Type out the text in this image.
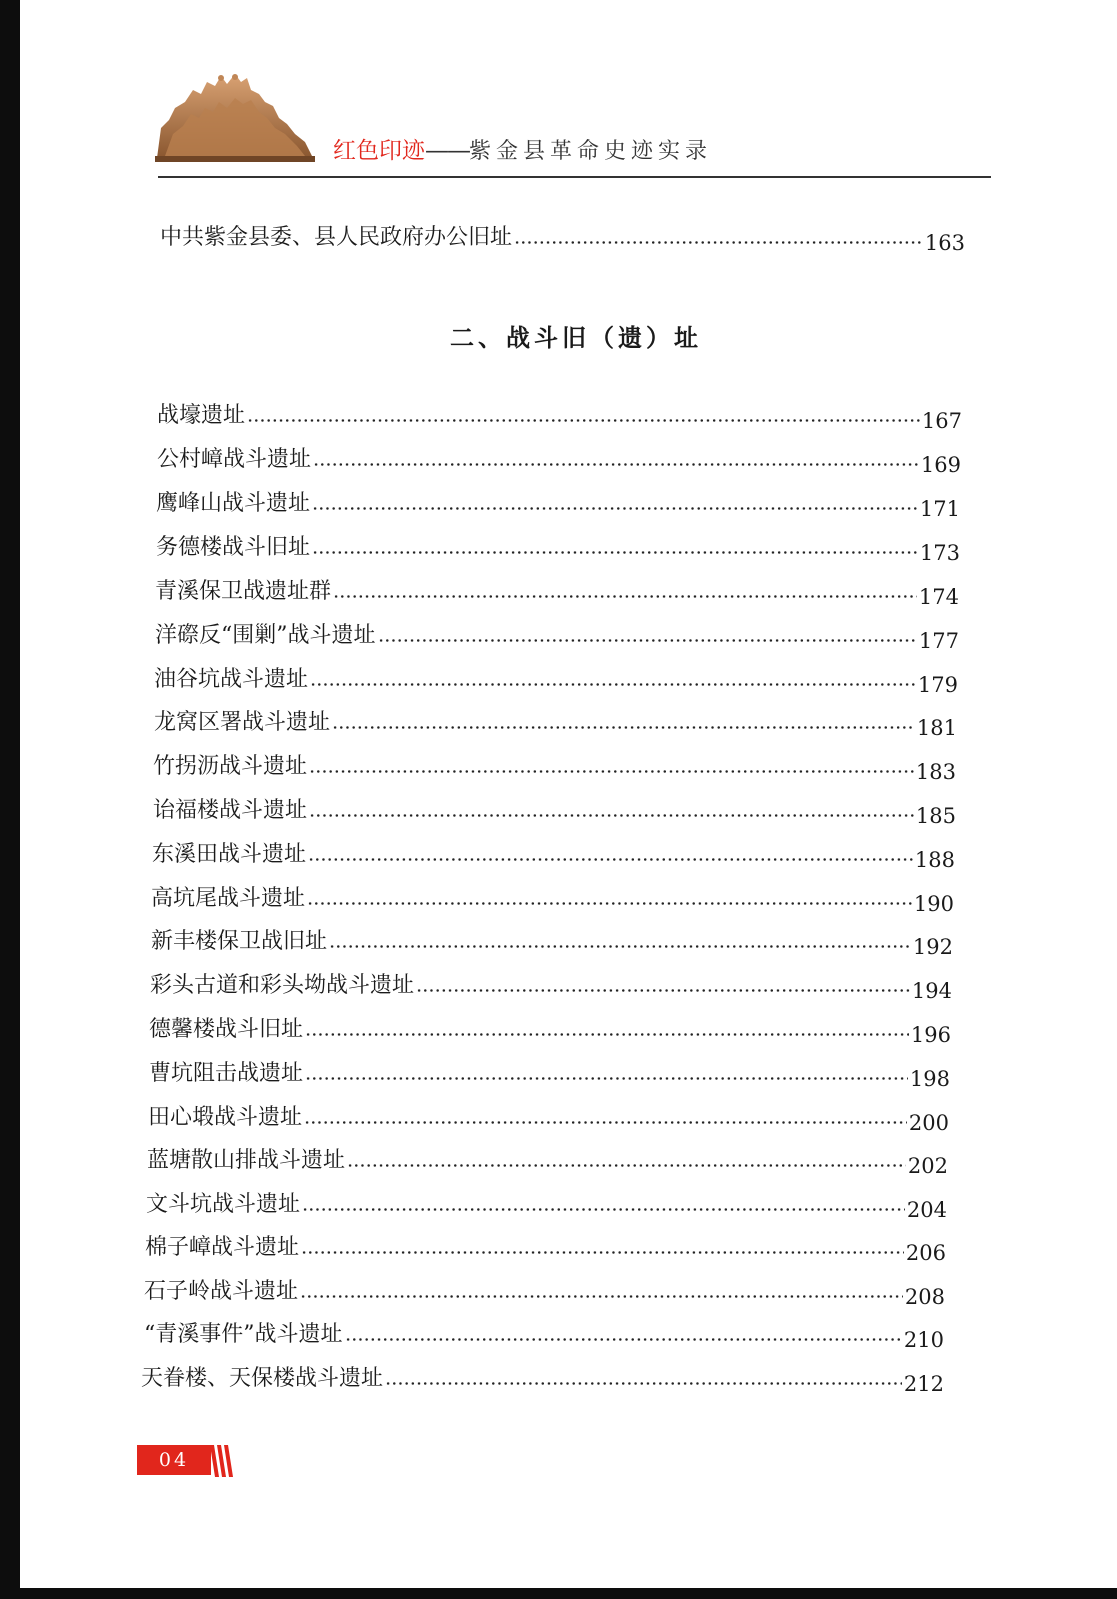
红色印迹——紫金县革命史迹实录
中共紫金县委、县人民政府办公旧址	163
二、战斗旧（遗）址
战壕遗址	167
公村嶂战斗遗址	169
鹰峰山战斗遗址	171
务德楼战斗旧址	173
青溪保卫战遗址群	174
洋磜反“围剿”战斗遗址	177
油谷坑战斗遗址	179
龙窝区署战斗遗址	181
竹拐沥战斗遗址	183
诒福楼战斗遗址	185
东溪田战斗遗址	188
高坑尾战斗遗址	190
新丰楼保卫战旧址	192
彩头古道和彩头坳战斗遗址	194
德馨楼战斗旧址	196
曹坑阻击战遗址	198
田心塅战斗遗址	200
蓝塘散山排战斗遗址	202
文斗坑战斗遗址	204
棉子嶂战斗遗址	206
石子岭战斗遗址	208
“青溪事件”战斗遗址	210
天眷楼、天保楼战斗遗址	212
04
